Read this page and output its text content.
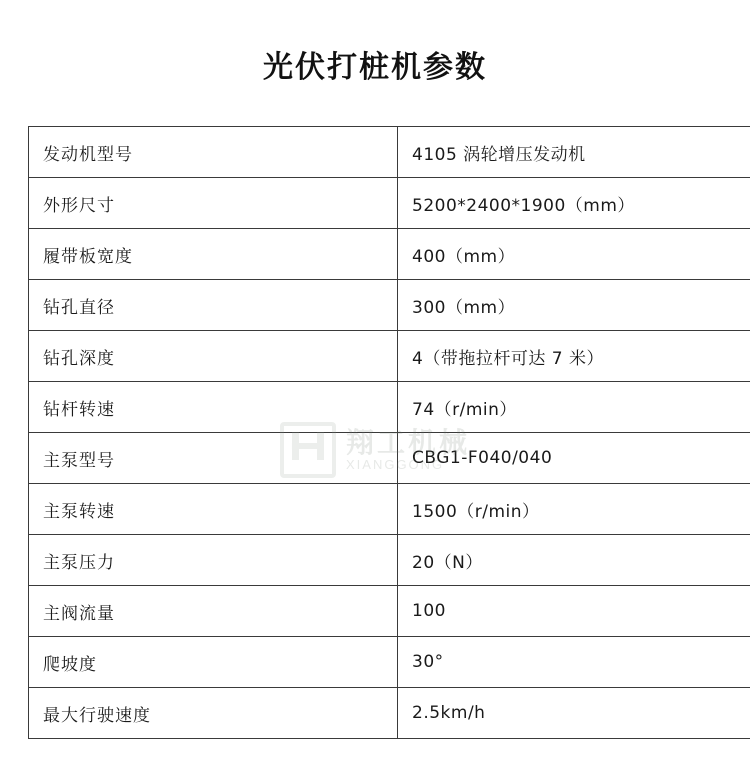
光伏打桩机参数
发动机型号	4105 涡轮增压发动机
外形尺寸	5200*2400*1900（mm）
履带板宽度	400（mm）
钻孔直径	300（mm）
钻孔深度	4（带拖拉杆可达 7 米）
钻杆转速	74（r/min）
主泵型号	CBG1-F040/040
主泵转速	1500（r/min）
主泵压力	20（N）
主阀流量	100
爬坡度	30°
最大行驶速度	2.5km/h
翔工机械
XIANGGONG
